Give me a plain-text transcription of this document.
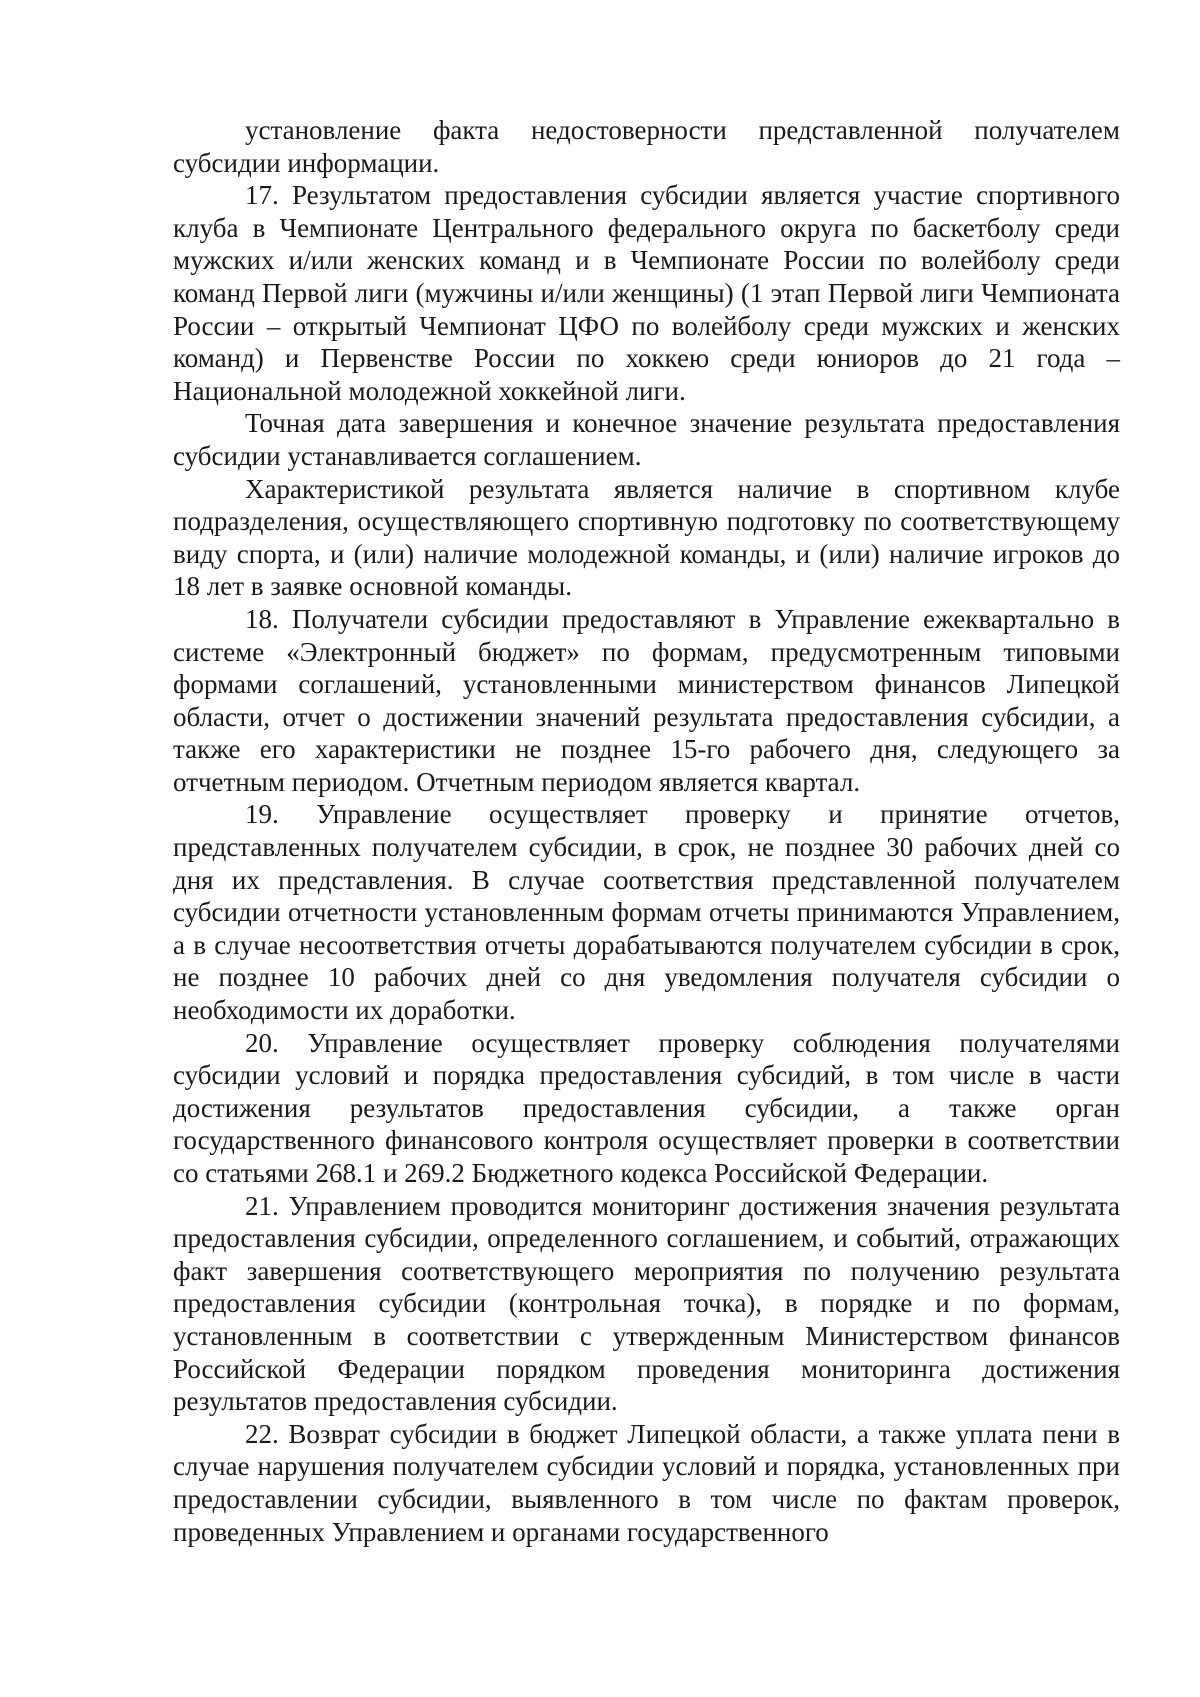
установление факта недостоверности представленной получателем субсидии информации.

17. Результатом предоставления субсидии является участие спортивного клуба в Чемпионате Центрального федерального округа по баскетболу среди мужских и/или женских команд и в Чемпионате России по волейболу среди команд Первой лиги (мужчины и/или женщины) (1 этап Первой лиги Чемпионата России – открытый Чемпионат ЦФО по волейболу среди мужских и женских команд) и Первенстве России по хоккею среди юниоров до 21 года – Национальной молодежной хоккейной лиги.

Точная дата завершения и конечное значение результата предоставления субсидии устанавливается соглашением.

Характеристикой результата является наличие в спортивном клубе подразделения, осуществляющего спортивную подготовку по соответствующему виду спорта, и (или) наличие молодежной команды, и (или) наличие игроков до 18 лет в заявке основной команды.

18. Получатели субсидии предоставляют в Управление ежеквартально в системе «Электронный бюджет» по формам, предусмотренным типовыми формами соглашений, установленными министерством финансов Липецкой области, отчет о достижении значений результата предоставления субсидии, а также его характеристики не позднее 15-го рабочего дня, следующего за отчетным периодом. Отчетным периодом является квартал.

19. Управление осуществляет проверку и принятие отчетов, представленных получателем субсидии, в срок, не позднее 30 рабочих дней со дня их представления. В случае соответствия представленной получателем субсидии отчетности установленным формам отчеты принимаются Управлением, а в случае несоответствия отчеты дорабатываются получателем субсидии в срок, не позднее 10 рабочих дней со дня уведомления получателя субсидии о необходимости их доработки.

20. Управление осуществляет проверку соблюдения получателями субсидии условий и порядка предоставления субсидий, в том числе в части достижения результатов предоставления субсидии, а также орган государственного финансового контроля осуществляет проверки в соответствии со статьями 268.1 и 269.2 Бюджетного кодекса Российской Федерации.

21. Управлением проводится мониторинг достижения значения результата предоставления субсидии, определенного соглашением, и событий, отражающих факт завершения соответствующего мероприятия по получению результата предоставления субсидии (контрольная точка), в порядке и по формам, установленным в соответствии с утвержденным Министерством финансов Российской Федерации порядком проведения мониторинга достижения результатов предоставления субсидии.

22. Возврат субсидии в бюджет Липецкой области, а также уплата пени в случае нарушения получателем субсидии условий и порядка, установленных при предоставлении субсидии, выявленного в том числе по фактам проверок, проведенных Управлением и органами государственного
